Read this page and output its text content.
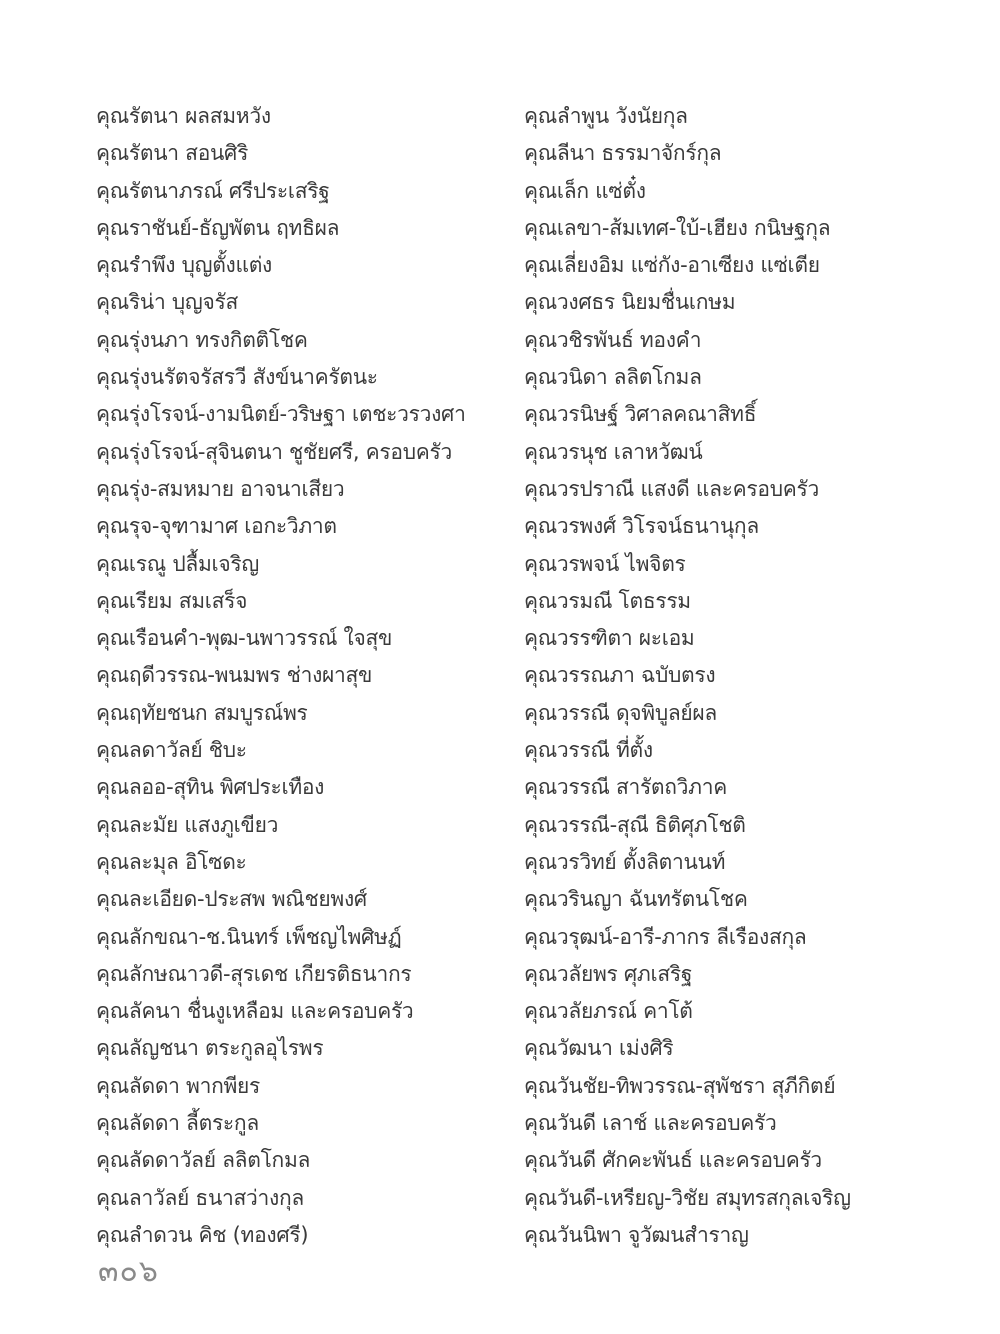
คุณรัตนา ผลสมหวัง
คุณรัตนา สอนศิริ
คุณรัตนาภรณ์ ศรีประเสริฐ
คุณราชันย์-ธัญพัตน ฤทธิผล
คุณรำพึง บุญตั้งแต่ง
คุณริน่า บุญจรัส
คุณรุ่งนภา ทรงกิตติโชค
คุณรุ่งนรัตจรัสรวี สังข์นาครัตนะ
คุณรุ่งโรจน์-งามนิตย์-วริษฐา เตชะวรวงศา
คุณรุ่งโรจน์-สุจินตนา ชูชัยศรี, ครอบครัว
คุณรุ่ง-สมหมาย อาจนาเสียว
คุณรุจ-จุฑามาศ เอกะวิภาต
คุณเรณู ปลื้มเจริญ
คุณเรียม สมเสร็จ
คุณเรือนคำ-พุฒ-นพาวรรณ์ ใจสุข
คุณฤดีวรรณ-พนมพร ช่างผาสุข
คุณฤทัยชนก สมบูรณ์พร
คุณลดาวัลย์ ชิบะ
คุณลออ-สุทิน พิศประเทือง
คุณละมัย แสงภูเขียว
คุณละมุล อิโซดะ
คุณละเอียด-ประสพ พณิชยพงศ์
คุณลักขณา-ช.นินทร์ เพ็ชญไพศิษฏ์
คุณลักษณาวดี-สุรเดช เกียรติธนากร
คุณลัคนา ชื่นงูเหลือม และครอบครัว
คุณลัญชนา ตระกูลอุไรพร
คุณลัดดา พากพียร
คุณลัดดา ลี้ตระกูล
คุณลัดดาวัลย์ ลลิตโกมล
คุณลาวัลย์ ธนาสว่างกุล
คุณลำดวน คิช (ทองศรี)
คุณลำพูน วังนัยกุล
คุณลีนา ธรรมาจักร์กุล
คุณเล็ก แซ่ตั๋ง
คุณเลขา-ส้มเทศ-ใบ้-เฮียง กนิษฐกุล
คุณเลี่ยงอิม แซ่กัง-อาเซียง แซ่เตีย
คุณวงศธร นิยมชื่นเกษม
คุณวชิรพันธ์ ทองคำ
คุณวนิดา ลลิตโกมล
คุณวรนิษฐ์ วิศาลคณาสิทธิ์
คุณวรนุช เลาหวัฒน์
คุณวรปราณี แสงดี และครอบครัว
คุณวรพงศ์ วิโรจน์ธนานุกุล
คุณวรพจน์ ไพจิตร
คุณวรมณี โตธรรม
คุณวรรฑิตา ผะเอม
คุณวรรณภา ฉบับตรง
คุณวรรณี ดุจพิบูลย์ผล
คุณวรรณี ที่ตั้ง
คุณวรรณี สารัตถวิภาค
คุณวรรณี-สุณี ธิติศุภโชติ
คุณวรวิทย์ ตั้งลิตานนท์
คุณวรินญา ฉันทรัตนโชค
คุณวรุฒน์-อารี-ภากร ลีเรืองสกุล
คุณวลัยพร ศุภเสริฐ
คุณวลัยภรณ์ คาโต้
คุณวัฒนา เม่งศิริ
คุณวันชัย-ทิพวรรณ-สุพัชรา สุภีกิตย์
คุณวันดี เลาช์ และครอบครัว
คุณวันดี ศักคะพันธ์ และครอบครัว
คุณวันดี-เหรียญ-วิชัย สมุทรสกุลเจริญ
คุณวันนิพา จูวัฒนสำราญ
๓๐๖
